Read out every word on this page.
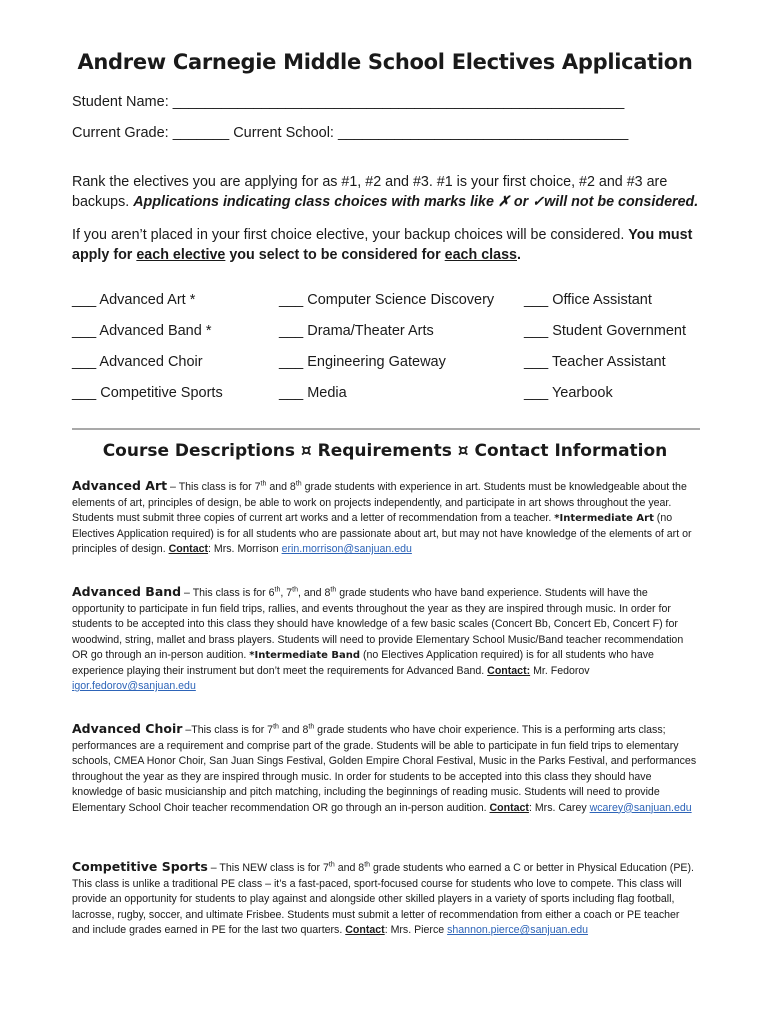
Andrew Carnegie Middle School Electives Application
Student Name: ________________________________________________________
Current Grade: _______ Current School: ____________________________________
Rank the electives you are applying for as #1, #2 and #3. #1 is your first choice, #2 and #3 are backups. Applications indicating class choices with marks like ✗ or ✓will not be considered.
If you aren’t placed in your first choice elective, your backup choices will be considered. You must apply for each elective you select to be considered for each class.
___ Advanced Art *	___ Computer Science Discovery ___ Office Assistant
___ Advanced Band *	___ Drama/Theater Arts	___ Student Government
___ Advanced Choir	___ Engineering Gateway	___ Teacher Assistant
___ Competitive Sports	___ Media	___ Yearbook
Course Descriptions ¤ Requirements ¤ Contact Information
Advanced Art – This class is for 7th and 8th grade students with experience in art. Students must be knowledgeable about the elements of art, principles of design, be able to work on projects independently, and participate in art shows throughout the year. Students must submit three copies of current art works and a letter of recommendation from a teacher. *Intermediate Art (no Electives Application required) is for all students who are passionate about art, but may not have knowledge of the elements of art or principles of design. Contact: Mrs. Morrison erin.morrison@sanjuan.edu
Advanced Band – This class is for 6th, 7th, and 8th grade students who have band experience. Students will have the opportunity to participate in fun field trips, rallies, and events throughout the year as they are inspired through music. In order for students to be accepted into this class they should have knowledge of a few basic scales (Concert Bb, Concert Eb, Concert F) for woodwind, string, mallet and brass players. Students will need to provide Elementary School Music/Band teacher recommendation OR go through an in-person audition. *Intermediate Band (no Electives Application required) is for all students who have experience playing their instrument but don’t meet the requirements for Advanced Band. Contact: Mr. Fedorov igor.fedorov@sanjuan.edu
Advanced Choir –This class is for 7th and 8th grade students who have choir experience. This is a performing arts class; performances are a requirement and comprise part of the grade. Students will be able to participate in fun field trips to elementary schools, CMEA Honor Choir, San Juan Sings Festival, Golden Empire Choral Festival, Music in the Parks Festival, and performances throughout the year as they are inspired through music. In order for students to be accepted into this class they should have knowledge of basic musicianship and pitch matching, including the beginnings of reading music. Students will need to provide Elementary School Choir teacher recommendation OR go through an in-person audition. Contact: Mrs. Carey wcarey@sanjuan.edu
Competitive Sports – This NEW class is for 7th and 8th grade students who earned a C or better in Physical Education (PE). This class is unlike a traditional PE class – it’s a fast-paced, sport-focused course for students who love to compete. This class will provide an opportunity for students to play against and alongside other skilled players in a variety of sports including flag football, lacrosse, rugby, soccer, and ultimate Frisbee. Students must submit a letter of recommendation from either a coach or PE teacher and include grades earned in PE for the last two quarters. Contact: Mrs. Pierce shannon.pierce@sanjuan.edu
